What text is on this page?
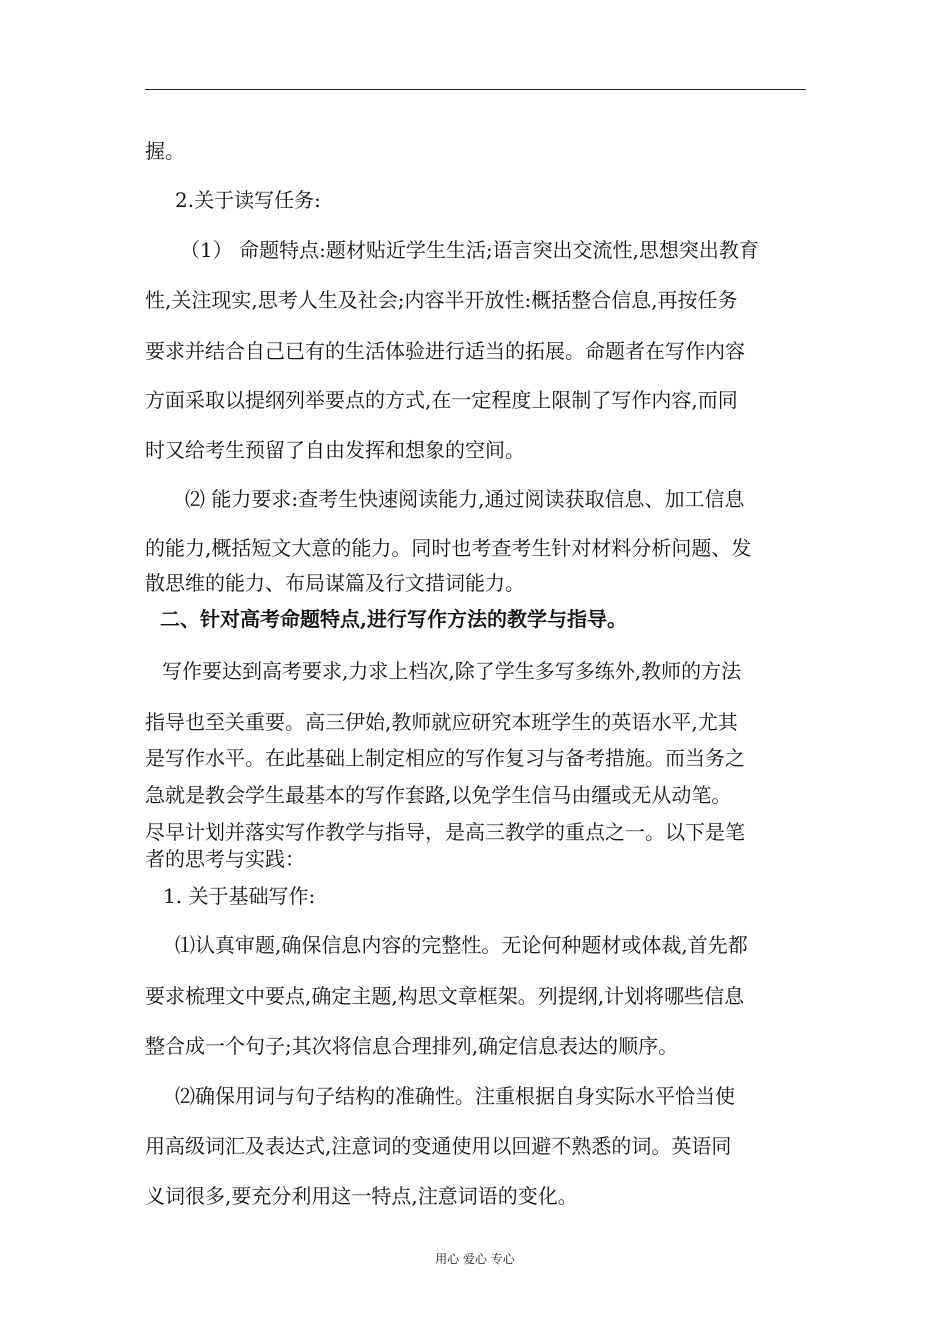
握。
2.关于读写任务:
（1） 命题特点:题材贴近学生生活;语言突出交流性,思想突出教育
性,关注现实,思考人生及社会;内容半开放性:概括整合信息,再按任务
要求并结合自己已有的生活体验进行适当的拓展。命题者在写作内容
方面采取以提纲列举要点的方式,在一定程度上限制了写作内容,而同
时又给考生预留了自由发挥和想象的空间。
⑵ 能力要求:查考生快速阅读能力,通过阅读获取信息、加工信息
的能力,概括短文大意的能力。同时也考查考生针对材料分析问题、发
散思维的能力、布局谋篇及行文措词能力。
二、针对高考命题特点,进行写作方法的教学与指导。
写作要达到高考要求,力求上档次,除了学生多写多练外,教师的方法
指导也至关重要。高三伊始,教师就应研究本班学生的英语水平,尤其
是写作水平。在此基础上制定相应的写作复习与备考措施。而当务之
急就是教会学生最基本的写作套路,以免学生信马由缰或无从动笔。
尽早计划并落实写作教学与指导，是高三教学的重点之一。以下是笔
者的思考与实践：
1. 关于基础写作:
⑴认真审题,确保信息内容的完整性。无论何种题材或体裁,首先都
要求梳理文中要点,确定主题,构思文章框架。列提纲,计划将哪些信息
整合成一个句子;其次将信息合理排列,确定信息表达的顺序。
⑵确保用词与句子结构的准确性。注重根据自身实际水平恰当使
用高级词汇及表达式,注意词的变通使用以回避不熟悉的词。英语同
义词很多,要充分利用这一特点,注意词语的变化。
用心 爱心 专心
